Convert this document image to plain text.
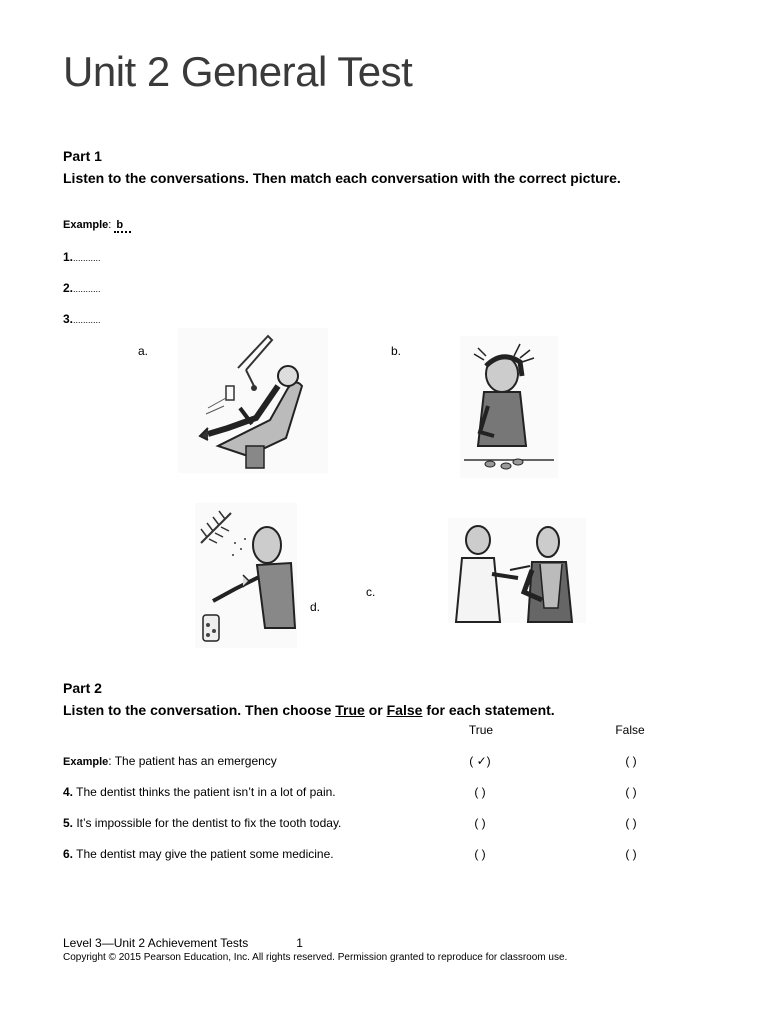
Unit 2 General Test
Part 1
Listen to the conversations. Then match each conversation with the correct picture.
Example: b
1............
2............
3............
a.	b.
c.
d.
Part 2
Listen to the conversation. Then choose True or False for each statement.
True	False
Example: The patient has an emergency	( ✓)	( )
4. The dentist thinks the patient isn’t in a lot of pain.	( )	( )
5. It’s impossible for the dentist to fix the tooth today.	( )	( )
6. The dentist may give the patient some medicine.	( )	( )
Level 3—Unit 2 Achievement Tests	1
Copyright © 2015 Pearson Education, Inc. All rights reserved. Permission granted to reproduce for classroom use.
